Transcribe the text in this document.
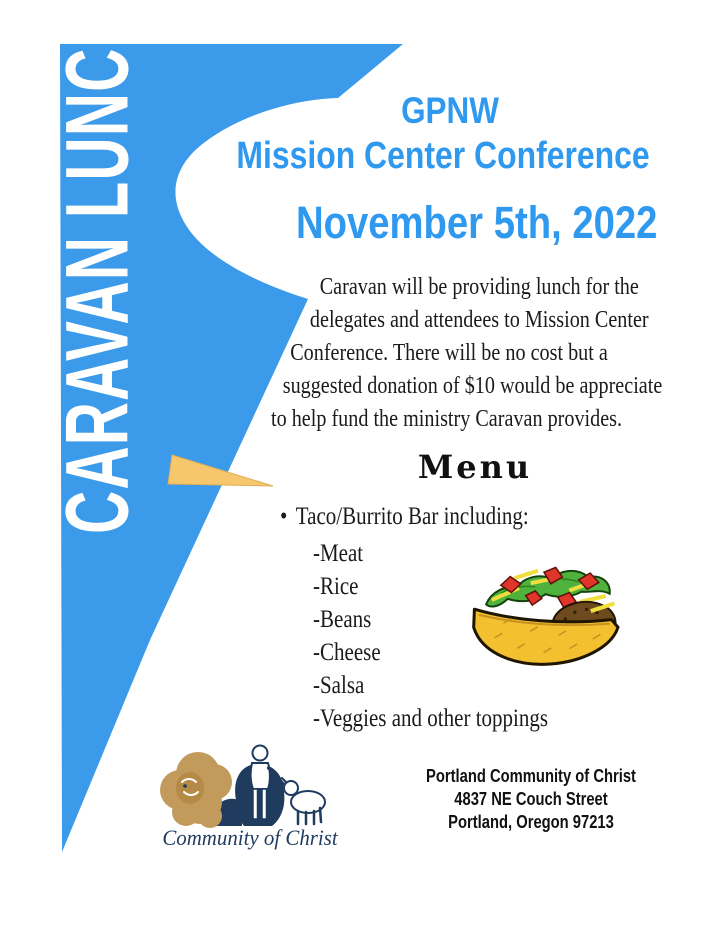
CARAVAN LUNCH	GPNW
Mission Center Conference
November 5th, 2022
Caravan will be providing lunch for the
delegates and attendees to Mission Center
Conference. There will be no cost but a
suggested donation of $10 would be appreciate
to help fund the ministry Caravan provides.
Menu
• Taco/Burrito Bar including:
-Meat
-Rice
-Beans
-Cheese
-Salsa
-Veggies and other toppings
Community of Christ
Portland Community of Christ
4837 NE Couch Street
Portland, Oregon 97213
